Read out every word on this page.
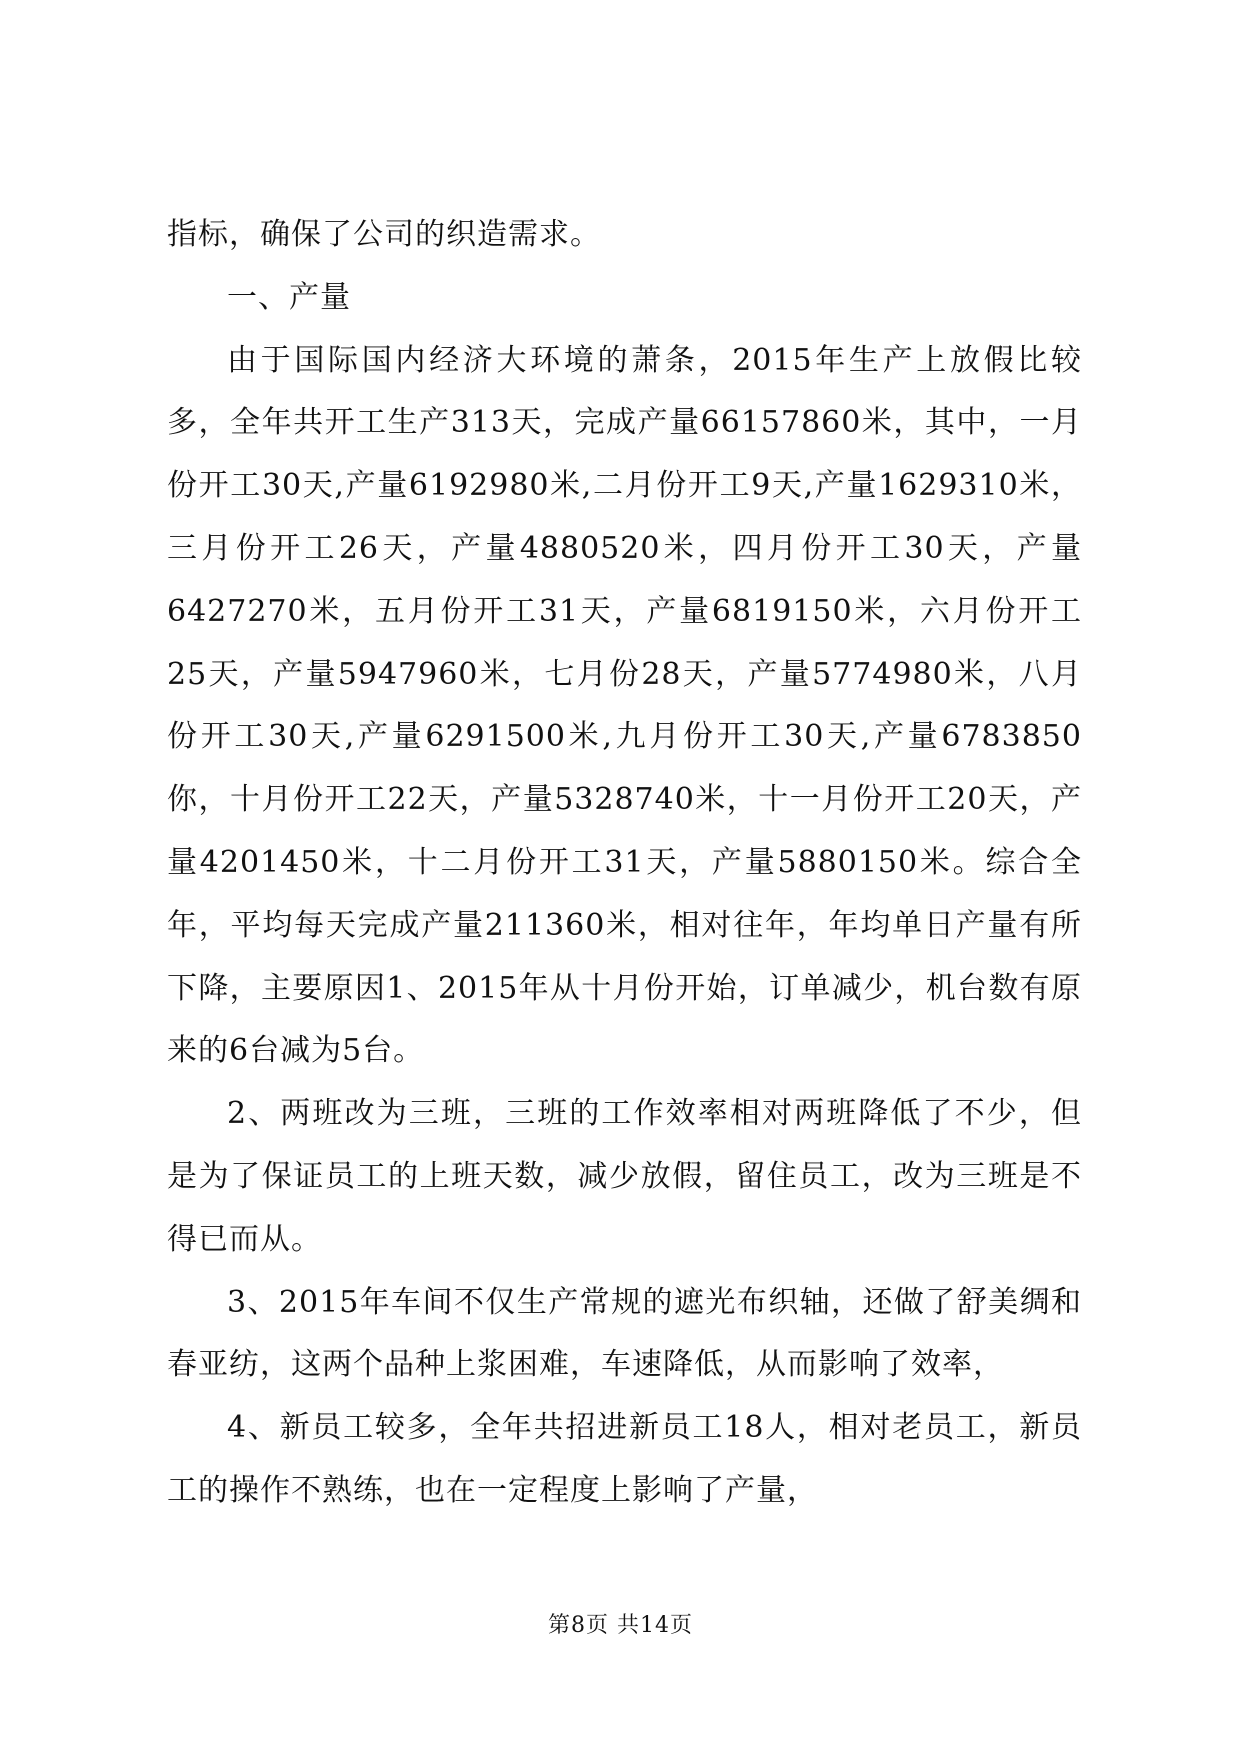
指标，确保了公司的织造需求。

一、产量

由于国际国内经济大环境的萧条，2015年生产上放假比较多，全年共开工生产313天，完成产量66157860米，其中，一月份开工30天,产量6192980米,二月份开工9天,产量1629310米，三月份开工26天，产量4880520米，四月份开工30天，产量6427270米，五月份开工31天，产量6819150米，六月份开工25天，产量5947960米，七月份28天，产量5774980米，八月份开工30天,产量6291500米,九月份开工30天,产量6783850你，十月份开工22天，产量5328740米，十一月份开工20天，产量4201450米，十二月份开工31天，产量5880150米。综合全年，平均每天完成产量211360米，相对往年，年均单日产量有所下降，主要原因1、2015年从十月份开始，订单减少，机台数有原来的6台减为5台。

2、两班改为三班，三班的工作效率相对两班降低了不少，但是为了保证员工的上班天数，减少放假，留住员工，改为三班是不得已而从。

3、2015年车间不仅生产常规的遮光布织轴，还做了舒美绸和春亚纺，这两个品种上浆困难，车速降低，从而影响了效率，

4、新员工较多，全年共招进新员工18人，相对老员工，新员工的操作不熟练，也在一定程度上影响了产量，

第8页 共14页
